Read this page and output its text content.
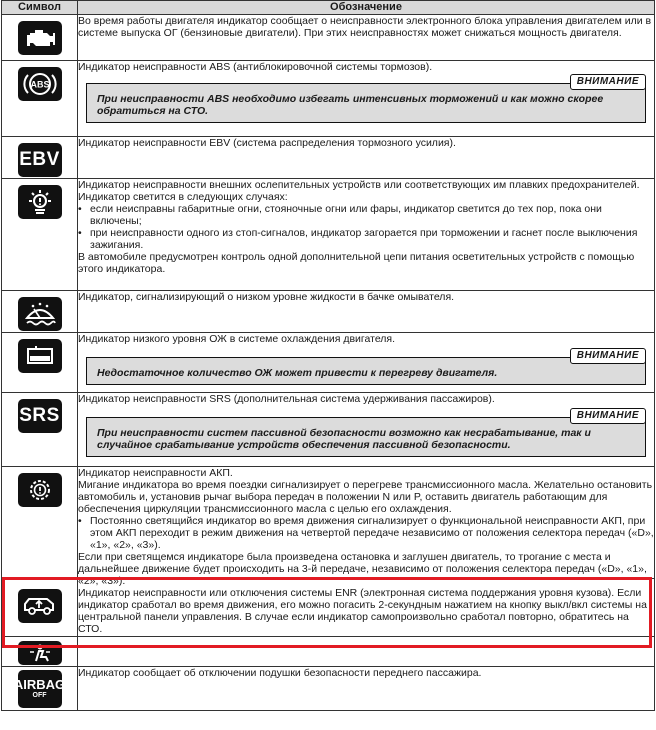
Символ	Обозначение

	Во время работы двигателя индикатор сообщает о неисправности электронного блока управления двигателем или в системе выпуска ОГ (бензиновые двигатели). При этих неисправностях может снижаться мощность двигателя.

ABS	Индикатор неисправности ABS (антиблокировочной системы тормозов).
ВНИМАНИЕ
При неисправности ABS необходимо избегать интенсивных торможений и как можно скорее обратиться на СТО.

EBV	Индикатор неисправности EBV (система распределения тормозного усилия).

Индикатор неисправности внешних ослепительных устройств или соответствующих им плавких предохранителей.
Индикатор светится в следующих случаях:
• если неисправны габаритные огни, стояночные огни или фары, индикатор светится до тех пор, пока они включены;
• при неисправности одного из стоп-сигналов, индикатор загорается при торможении и гаснет после выключения зажигания.
В автомобиле предусмотрен контроль одной дополнительной цепи питания осветительных устройств с помощью этого индикатора.

	Индикатор, сигнализирующий о низком уровне жидкости в бачке омывателя.

Индикатор низкого уровня ОЖ в системе охлаждения двигателя.
ВНИМАНИЕ
Недостаточное количество ОЖ может привести к перегреву двигателя.

SRS	Индикатор неисправности SRS (дополнительная система удерживания пассажиров).
ВНИМАНИЕ
При неисправности систем пассивной безопасности возможно как несрабатывание, так и случайное срабатывание устройств обеспечения пассивной безопасности.

Индикатор неисправности АКП.
Мигание индикатора во время поездки сигнализирует о перегреве трансмиссионного масла. Желательно остановить автомобиль и, установив рычаг выбора передач в положении N или P, оставить двигатель работающим для обеспечения циркуляции трансмиссионного масла с целью его охлаждения.
• Постоянно светящийся индикатор во время движения сигнализирует о функциональной неисправности АКП, при этом АКП переходит в режим движения на четвертой передаче независимо от положения селектора передач («D», «1», «2», «3»).
Если при светящемся индикаторе была произведена остановка и заглушен двигатель, то трогание с места и дальнейшее движение будет происходить на 3-й передаче, независимо от положения селектора передач («D», «1», «2», «3»).

	Индикатор неисправности или отключения системы ENR (электронная система поддержания уровня кузова). Если индикатор сработал во время движения, его можно погасить 2-секундным нажатием на кнопку выкл/вкл системы на центральной панели управления. В случае если индикатор самопроизвольно сработал повторно, обратитесь на СТО.

AIRBAG
OFF	Индикатор сообщает об отключении подушки безопасности переднего пассажира.
